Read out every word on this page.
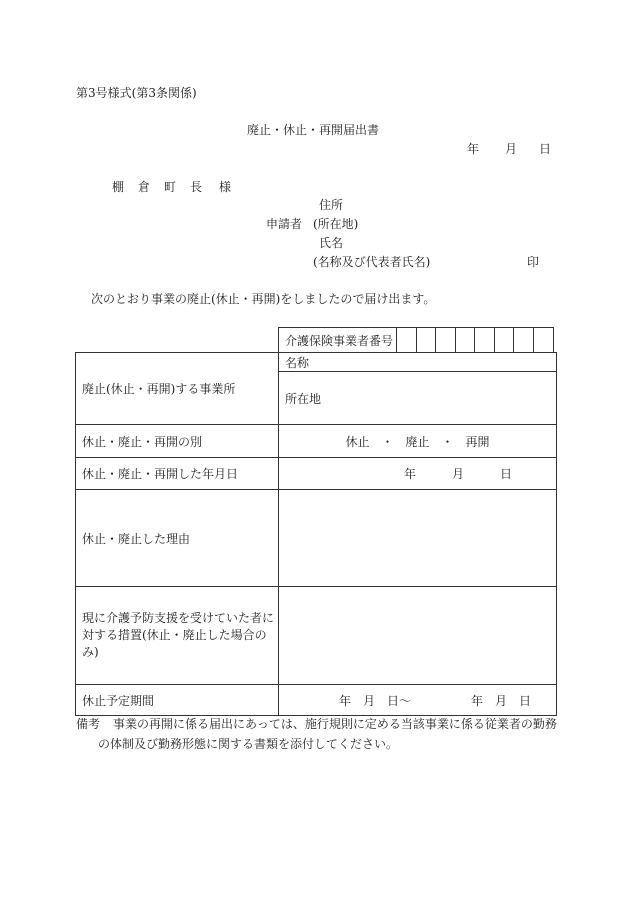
第3号様式(第3条関係)
廃止・休止・再開届出書
年 月 日
棚　倉　町　長 様
住所
申請者 (所在地)
氏名
(名称及び代表者氏名)	印
次のとおり事業の廃止(休止・再開)をしましたので届け出ます。
介護保険事業者番号
廃止(休止・再開)する事業所	名称
所在地

休止・廃止・再開の別	休止　・　廃止　・　再開
休止・廃止・再開した年月日	年　　　月　　　日
休止・廃止した理由	
現に介護予防支援を受けていた者に対する措置(休止・廃止した場合のみ)	
休止予定期間	年　月　日〜　　　　　年　月　日
備考 事業の再開に係る届出にあっては、施行規則に定める当該事業に係る従業者の勤務
の体制及び勤務形態に関する書類を添付してください。
